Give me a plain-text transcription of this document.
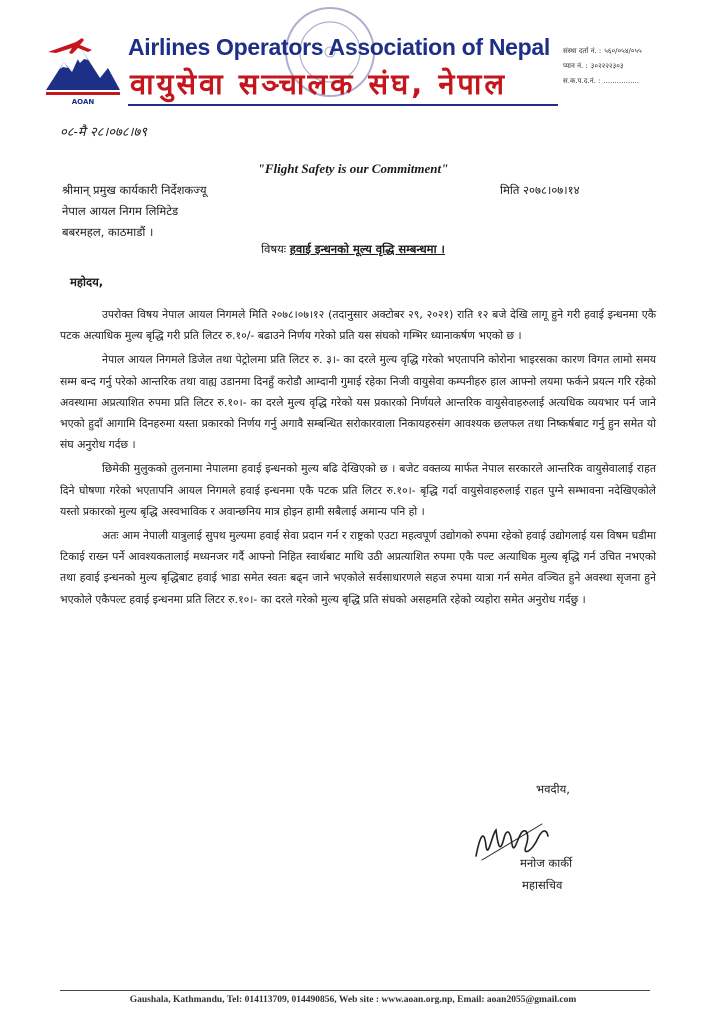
AOAN
Airlines Operators Association of Nepal
वायुसेवा सञ्चालक संघ, नेपाल
संस्था दर्ता नं. : ५६०/०५४/०५५
प्यान नं. : ३०२२२२३०३
स.क.प.द.नं. : ................
०८-मै २८।०७८।७९
"Flight Safety is our Commitment"
श्रीमान् प्रमुख कार्यकारी निर्देशकज्यू
नेपाल आयल निगम लिमिटेड
बबरमहल, काठमाडौं ।
मिति २०७८।०७।१४
विषयः हवाई इन्धनको मूल्य वृद्धि सम्बन्धमा ।
महोदय,

उपरोक्त विषय नेपाल आयल निगमले मिति २०७८।०७।१२ (तदानुसार अक्टोबर २९, २०२१) राति १२ बजे देखि लागू हुने गरी हवाई इन्धनमा एकै पटक अत्याधिक मुल्य बृद्धि गरी प्रति लिटर रु.१०/- बढाउने निर्णय गरेको प्रति यस संघको गम्भिर ध्यानाकर्षण भएको छ ।

नेपाल आयल निगमले डिजेल तथा पेट्रोलमा प्रति लिटर रु. ३।- का दरले मुल्य वृद्धि गरेको भएतापनि कोरोना भाइरसका कारण विगत लामो समय सम्म बन्द गर्नु परेको आन्तरिक तथा वाह्य उडानमा दिनहुँ करोडौ आम्दानी गुमाई रहेका निजी वायुसेवा कम्पनीहरु हाल आफ्नो लयमा फर्कने प्रयत्न गरि रहेको अवस्थामा अप्रत्याशित रुपमा प्रति लिटर रु.१०।- का दरले मुल्य वृद्धि गरेको यस प्रकारको निर्णयले आन्तरिक वायुसेवाहरुलाई अत्यधिक व्ययभार पर्न जाने भएको हुदाँ आगामि दिनहरुमा यस्ता प्रकारको निर्णय गर्नु अगावै सम्बन्धित सरोकारवाला निकायहरुसंग आवश्यक छलफल तथा निष्कर्षबाट गर्नु हुन समेत यो संघ अनुरोध गर्दछ ।

छिमेकी मुलुकको तुलनामा नेपालमा हवाई इन्धनको मुल्य बढि देखिएको छ । बजेट वक्तव्य मार्फत नेपाल सरकारले आन्तरिक वायुसेवालाई राहत दिने घोषणा गरेको भएतापनि आयल निगमले हवाई इन्धनमा एकै पटक प्रति लिटर रु.१०।- बृद्धि गर्दा वायुसेवाहरुलाई राहत पुग्ने सम्भावना नदेखिएकोले यस्तो प्रकारको मुल्य बृद्धि अस्वभाविक र अवान्छनिय मात्र होइन हामी सबैलाई अमान्य पनि हो ।

अतः आम नेपाली यात्रुलाई सुपथ मुल्यमा हवाई सेवा प्रदान गर्न र राष्ट्रको एउटा महत्वपूर्ण उद्योगको रुपमा रहेको हवाई उद्योगलाई यस विषम घडीमा टिकाई राख्न पर्ने आवश्यकतालाई मध्यनजर गर्दै आफ्नो निहित स्वार्थबाट माथि उठी अप्रत्याशित रुपमा एकै पल्ट अत्याधिक मुल्य बृद्धि गर्न उचित नभएको तथा हवाई इन्धनको मुल्य बृद्धिबाट हवाई भाडा समेत स्वतः बढ्न जाने भएकोले सर्वसाधारणले सहज रुपमा यात्रा गर्न समेत वञ्चित हुने अवस्था सृजना हुने भएकोले एकैपल्ट हवाई इन्धनमा प्रति लिटर रु.१०।- का दरले गरेको मुल्य बृद्धि प्रति संघको असहमति रहेको व्यहोरा समेत अनुरोध गर्दछु ।

भवदीय,
मनोज कार्की
महासचिव
Gaushala, Kathmandu, Tel: 014113709, 014490856, Web site : www.aoan.org.np, Email: aoan2055@gmail.com
